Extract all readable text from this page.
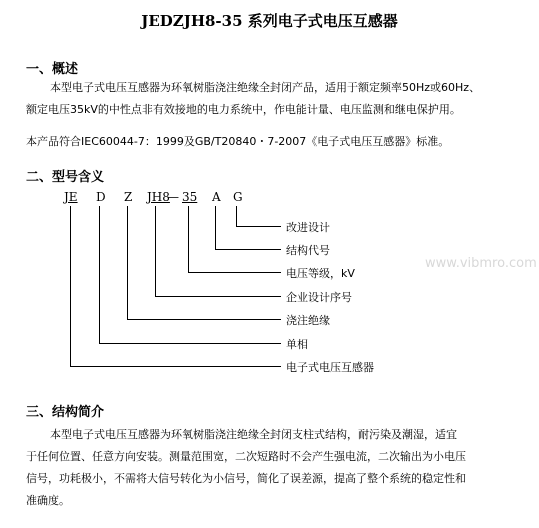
JEDZJH8-35 系列电子式电压互感器
一、概述
本型电子式电压互感器为环氧树脂浇注绝缘全封闭产品，适用于额定频率50Hz或60Hz、
额定电压35kV的中性点非有效接地的电力系统中，作电能计量、电压监测和继电保护用。
本产品符合IEC60044-7：1999及GB/T20840・7-2007《电子式电压互感器》标准。
二、型号含义
JE D Z JH8
— 35 A G
改进设计
结构代号
电压等级，kV
企业设计序号
浇注绝缘
单相
电子式电压互感器
www.vibmro.com
三、结构简介
本型电子式电压互感器为环氧树脂浇注绝缘全封闭支柱式结构，耐污染及潮湿，适宜
于任何位置、任意方向安装。测量范围宽，二次短路时不会产生强电流，二次输出为小电压
信号，功耗极小，不需将大信号转化为小信号，简化了误差源，提高了整个系统的稳定性和
准确度。
